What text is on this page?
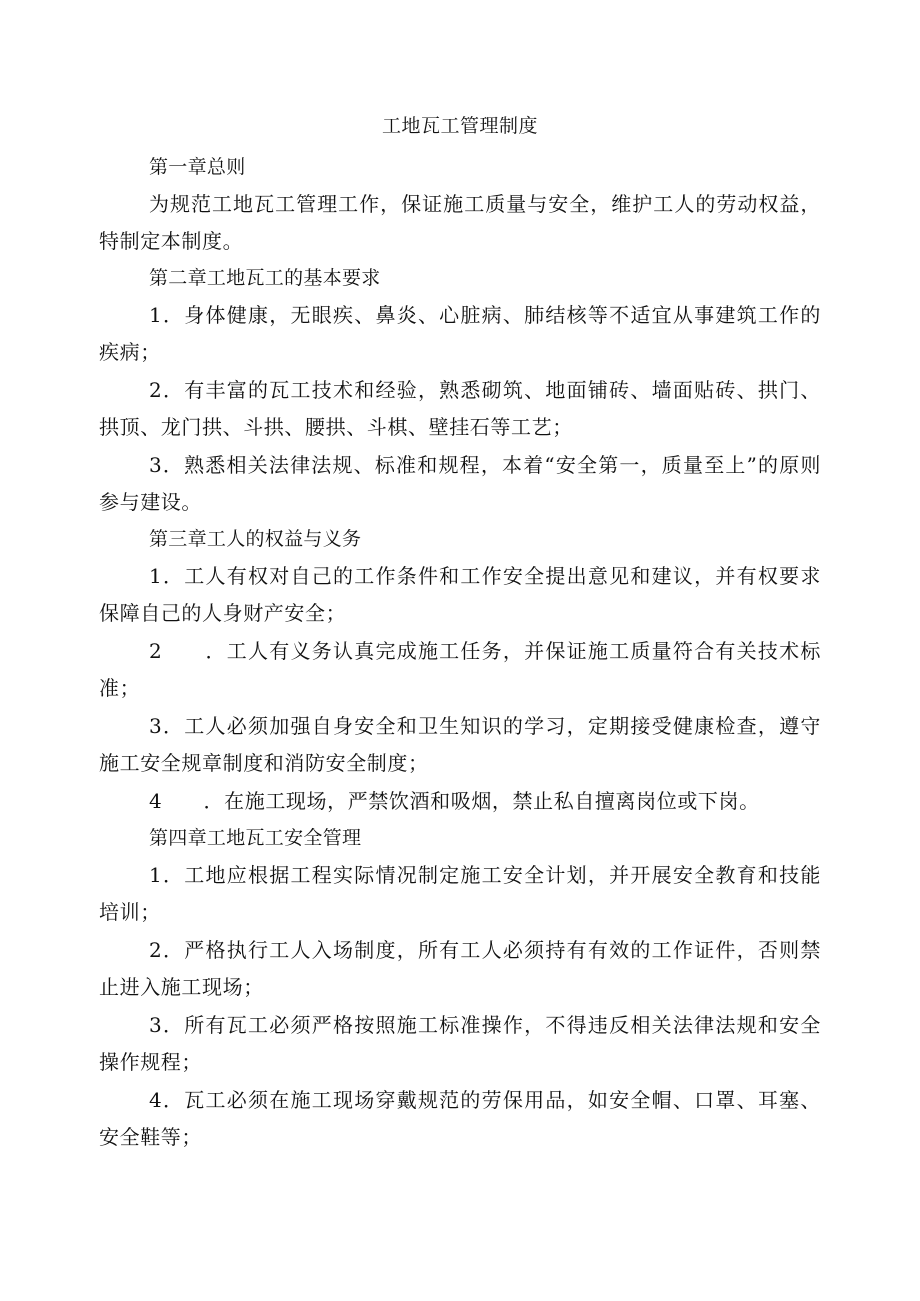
工地瓦工管理制度

第一章总则

为规范工地瓦工管理工作，保证施工质量与安全，维护工人的劳动权益，特制定本制度。

第二章工地瓦工的基本要求

1．身体健康，无眼疾、鼻炎、心脏病、肺结核等不适宜从事建筑工作的疾病；

2．有丰富的瓦工技术和经验，熟悉砌筑、地面铺砖、墙面贴砖、拱门、拱顶、龙门拱、斗拱、腰拱、斗棋、壁挂石等工艺；

3．熟悉相关法律法规、标准和规程，本着“安全第一，质量至上”的原则参与建设。

第三章工人的权益与义务

1．工人有权对自己的工作条件和工作安全提出意见和建议，并有权要求保障自己的人身财产安全；

2　　．工人有义务认真完成施工任务，并保证施工质量符合有关技术标准；

3．工人必须加强自身安全和卫生知识的学习，定期接受健康检查，遵守施工安全规章制度和消防安全制度；

4　　．在施工现场，严禁饮酒和吸烟，禁止私自擅离岗位或下岗。

第四章工地瓦工安全管理

1．工地应根据工程实际情况制定施工安全计划，并开展安全教育和技能培训；

2．严格执行工人入场制度，所有工人必须持有有效的工作证件，否则禁止进入施工现场；

3．所有瓦工必须严格按照施工标准操作，不得违反相关法律法规和安全操作规程；

4．瓦工必须在施工现场穿戴规范的劳保用品，如安全帽、口罩、耳塞、安全鞋等；
